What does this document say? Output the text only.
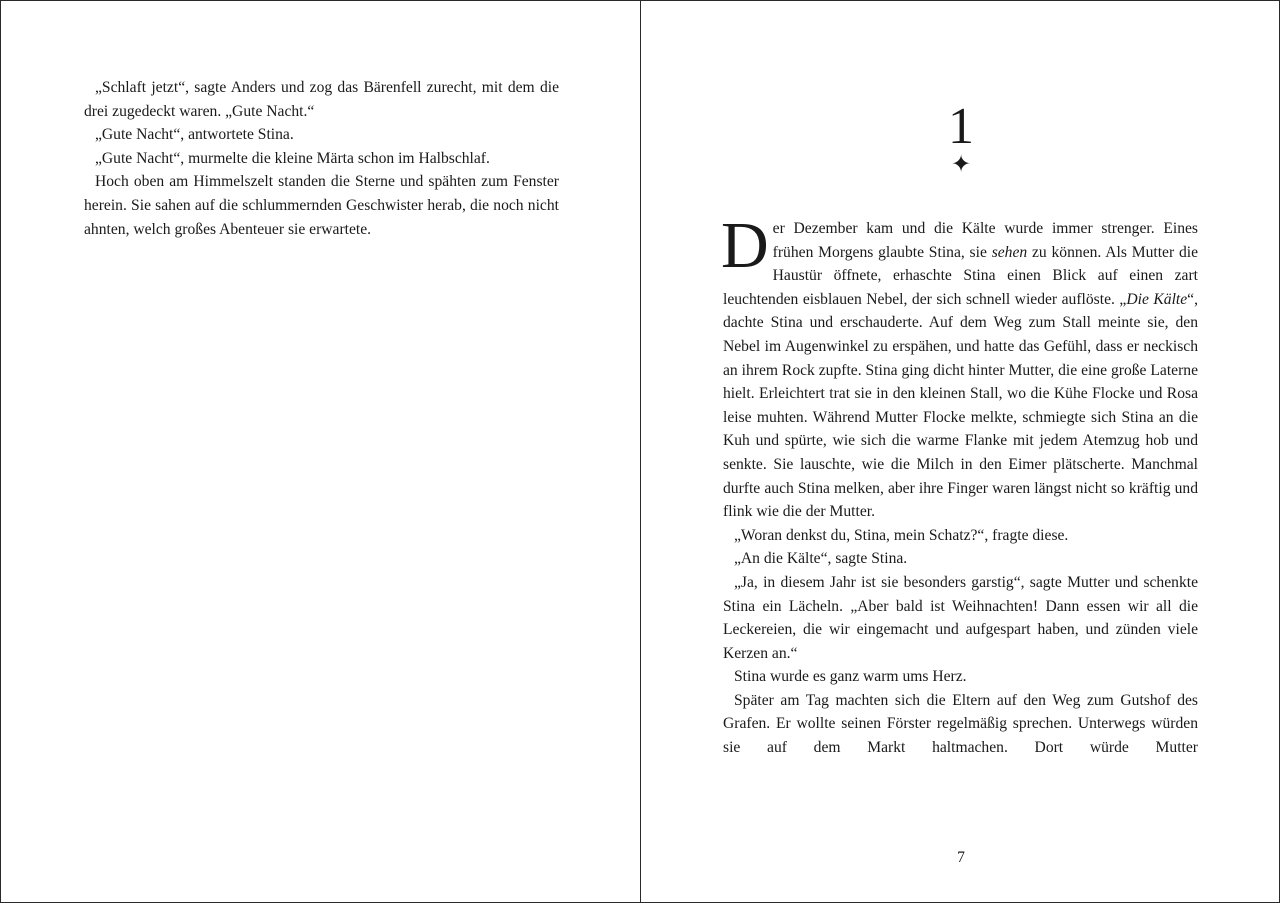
„Schlaft jetzt“, sagte Anders und zog das Bärenfell zurecht, mit dem die drei zugedeckt waren. „Gute Nacht.“

„Gute Nacht“, antwortete Stina.

„Gute Nacht“, murmelte die kleine Märta schon im Halbschlaf.

Hoch oben am Himmelszelt standen die Sterne und spähten zum Fenster herein. Sie sahen auf die schlummernden Geschwister herab, die noch nicht ahnten, welch großes Abenteuer sie erwartete.

1
✦

Der Dezember kam und die Kälte wurde immer strenger. Eines frühen Morgens glaubte Stina, sie sehen zu können. Als Mutter die Haustür öffnete, erhaschte Stina einen Blick auf einen zart leuchtenden eisblauen Nebel, der sich schnell wieder auflöste. „Die Kälte“, dachte Stina und erschauderte. Auf dem Weg zum Stall meinte sie, den Nebel im Augenwinkel zu erspähen, und hatte das Gefühl, dass er neckisch an ihrem Rock zupfte. Stina ging dicht hinter Mutter, die eine große Laterne hielt. Erleichtert trat sie in den kleinen Stall, wo die Kühe Flocke und Rosa leise muhten. Während Mutter Flocke melkte, schmiegte sich Stina an die Kuh und spürte, wie sich die warme Flanke mit jedem Atemzug hob und senkte. Sie lauschte, wie die Milch in den Eimer plätscherte. Manchmal durfte auch Stina melken, aber ihre Finger waren längst nicht so kräftig und flink wie die der Mutter.

„Woran denkst du, Stina, mein Schatz?“, fragte diese.

„An die Kälte“, sagte Stina.

„Ja, in diesem Jahr ist sie besonders garstig“, sagte Mutter und schenkte Stina ein Lächeln. „Aber bald ist Weihnachten! Dann essen wir all die Leckereien, die wir eingemacht und aufgespart haben, und zünden viele Kerzen an.“

Stina wurde es ganz warm ums Herz.

Später am Tag machten sich die Eltern auf den Weg zum Gutshof des Grafen. Er wollte seinen Förster regelmäßig sprechen. Unterwegs würden sie auf dem Markt haltmachen. Dort würde Mutter

7
